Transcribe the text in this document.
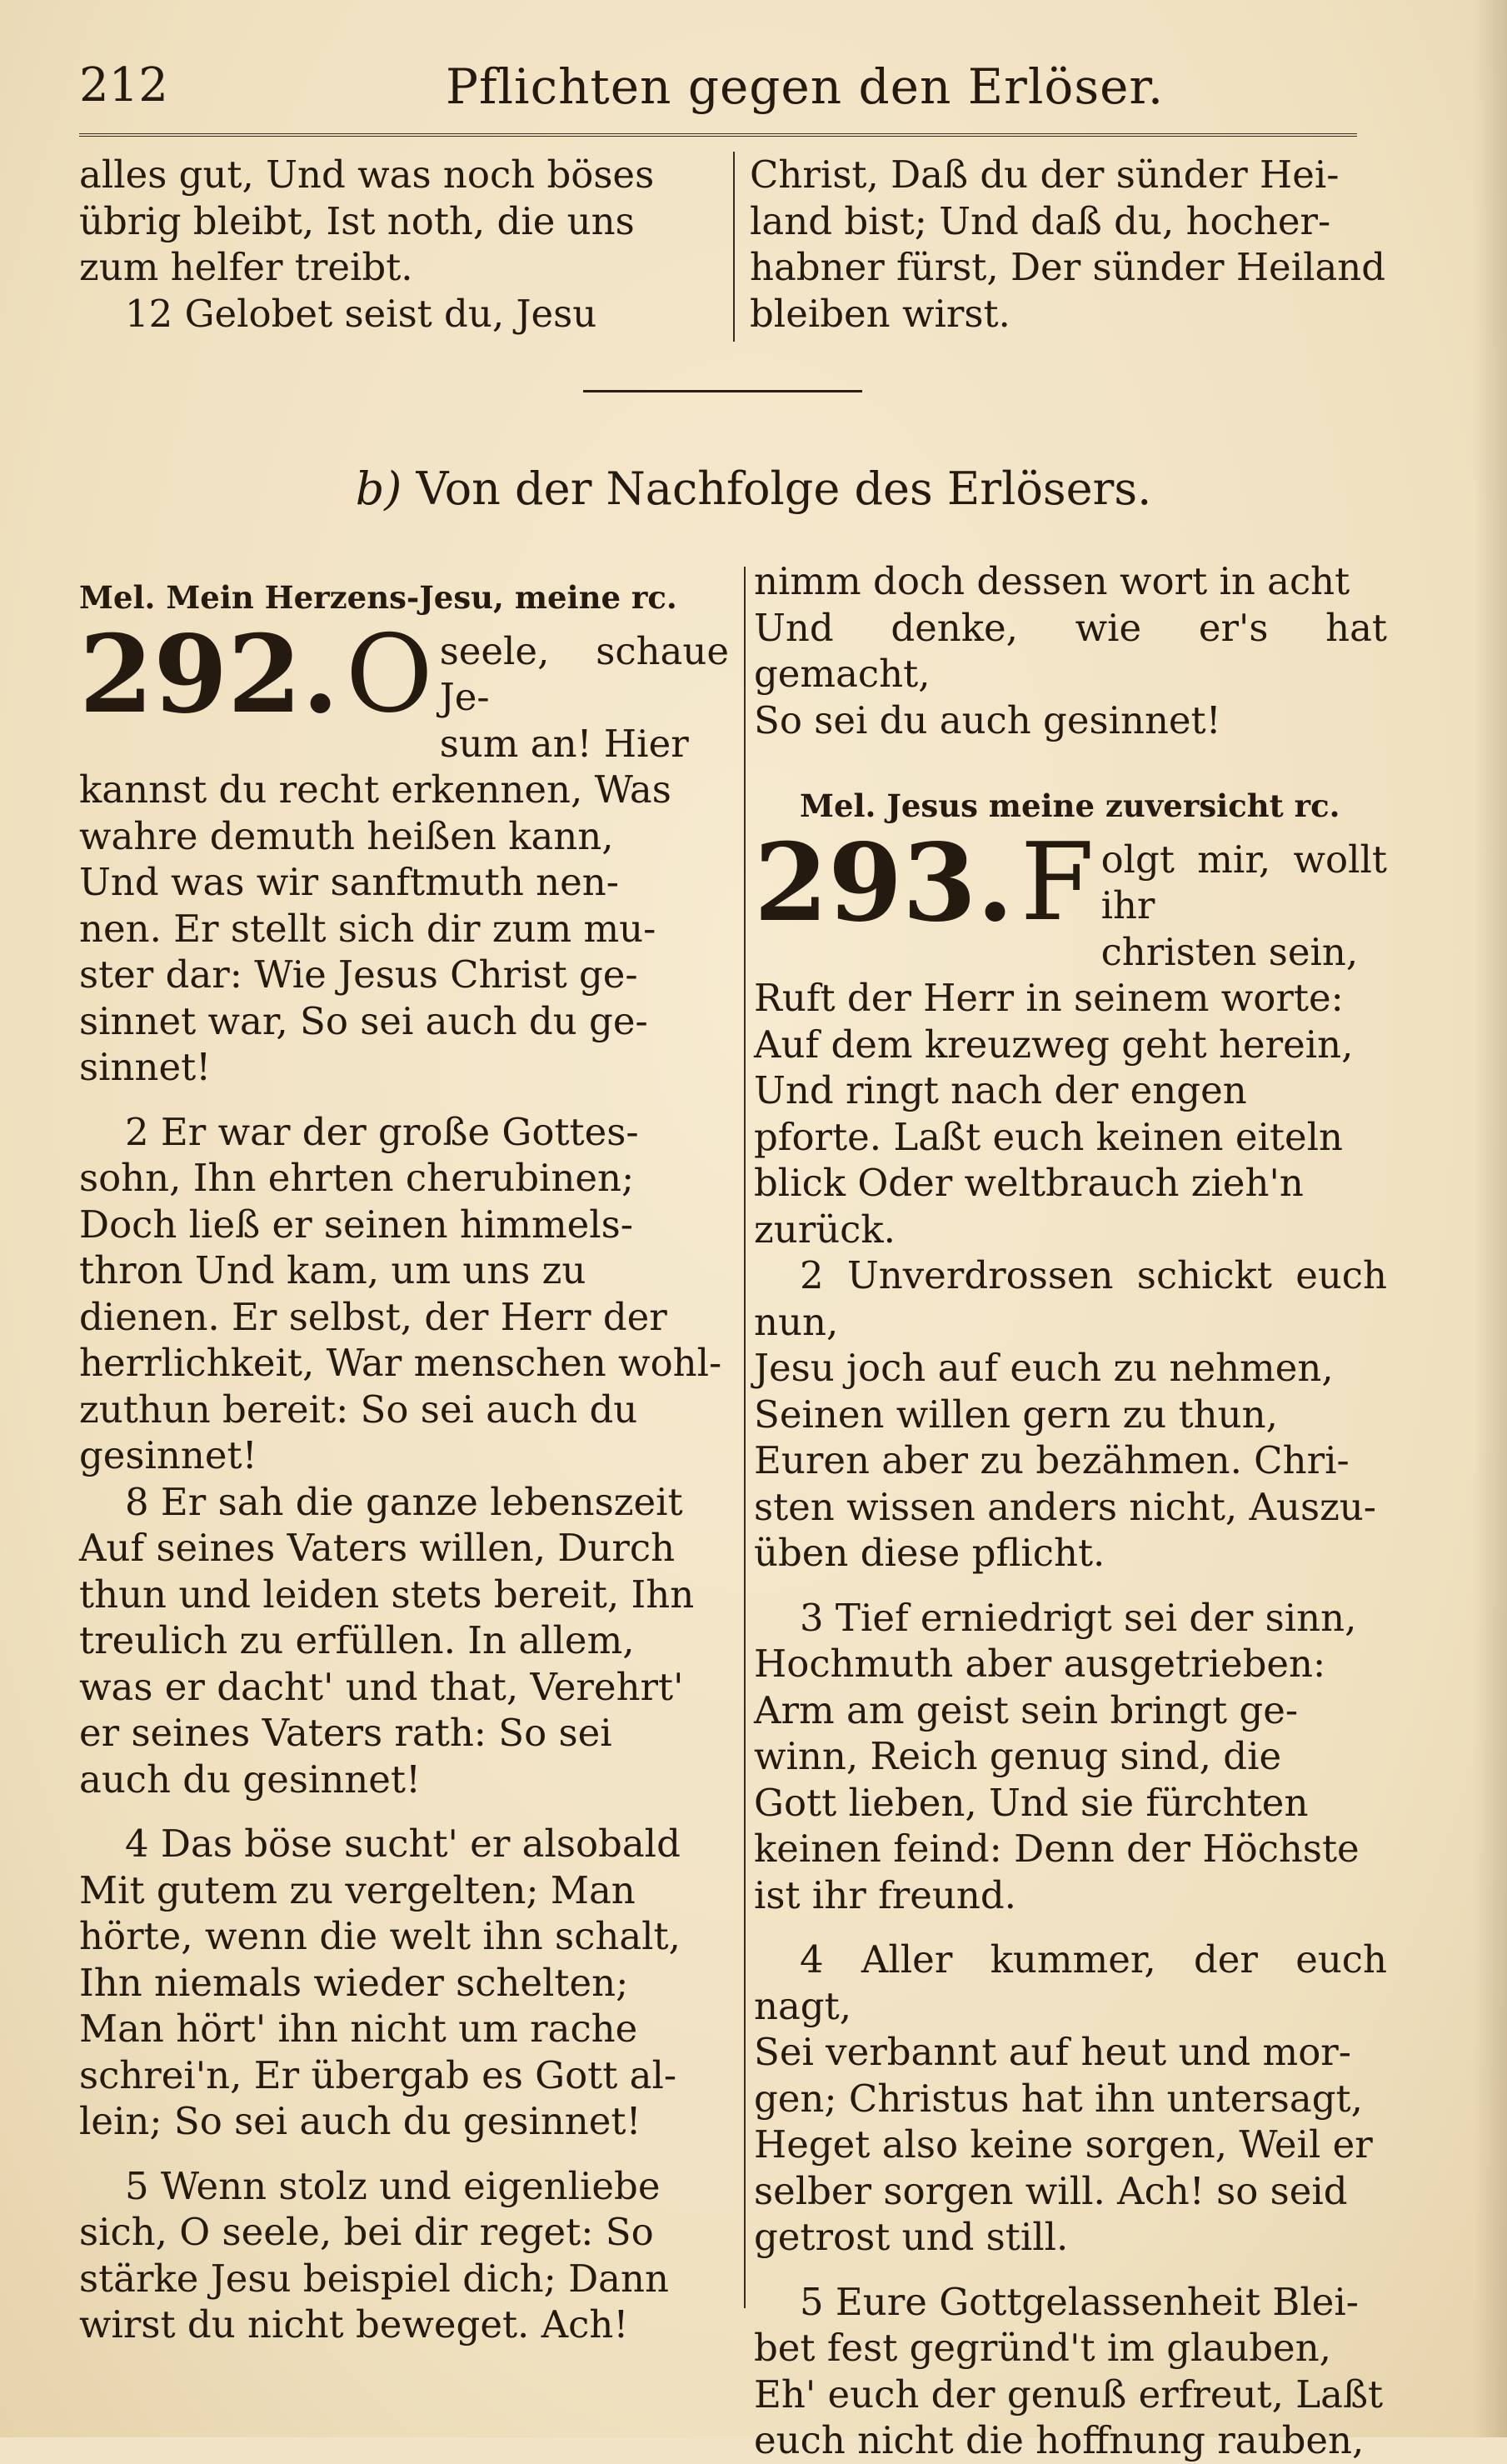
212	Pflichten gegen den Erlöser.

alles gut, Und was noch böses

übrig bleibt, Ist noth, die uns

zum helfer treibt.

12 Gelobet seist du, Jesu

Christ, Daß du der sünder Hei-

land bist; Und daß du, hocher-

habner fürst, Der sünder Heiland

bleiben wirst.

b) Von der Nachfolge des Erlösers.

Mel. Mein Herzens-Jesu, meine rc.

292. O seele, schaue Je-

sum an! Hier

kannst du recht erkennen, Was

wahre demuth heißen kann,

Und was wir sanftmuth nen-

nen. Er stellt sich dir zum mu-

ster dar: Wie Jesus Christ ge-

sinnet war, So sei auch du ge-

sinnet!

2 Er war der große Gottes-

sohn, Ihn ehrten cherubinen;

Doch ließ er seinen himmels-

thron Und kam, um uns zu

dienen. Er selbst, der Herr der

herrlichkeit, War menschen wohl-

zuthun bereit: So sei auch du

gesinnet!

8 Er sah die ganze lebenszeit

Auf seines Vaters willen, Durch

thun und leiden stets bereit, Ihn

treulich zu erfüllen. In allem,

was er dacht' und that, Verehrt'

er seines Vaters rath: So sei

auch du gesinnet!

4 Das böse sucht' er alsobald

Mit gutem zu vergelten; Man

hörte, wenn die welt ihn schalt,

Ihn niemals wieder schelten;

Man hört' ihn nicht um rache

schrei'n, Er übergab es Gott al-

lein; So sei auch du gesinnet!

5 Wenn stolz und eigenliebe

sich, O seele, bei dir reget: So

stärke Jesu beispiel dich; Dann

wirst du nicht beweget. Ach!

nimm doch dessen wort in acht

Und denke, wie er's hat gemacht,

So sei du auch gesinnet!

Mel. Jesus meine zuversicht rc.

293. F olgt mir, wollt ihr

christen sein,

Ruft der Herr in seinem worte:

Auf dem kreuzweg geht herein,

Und ringt nach der engen

pforte. Laßt euch keinen eiteln

blick Oder weltbrauch zieh'n

zurück.

2 Unverdrossen schickt euch nun,

Jesu joch auf euch zu nehmen,

Seinen willen gern zu thun,

Euren aber zu bezähmen. Chri-

sten wissen anders nicht, Auszu-

üben diese pflicht.

3 Tief erniedrigt sei der sinn,

Hochmuth aber ausgetrieben:

Arm am geist sein bringt ge-

winn, Reich genug sind, die

Gott lieben, Und sie fürchten

keinen feind: Denn der Höchste

ist ihr freund.

4 Aller kummer, der euch nagt,

Sei verbannt auf heut und mor-

gen; Christus hat ihn untersagt,

Heget also keine sorgen, Weil er

selber sorgen will. Ach! so seid

getrost und still.

5 Eure Gottgelassenheit Blei-

bet fest gegründ't im glauben,

Eh' euch der genuß erfreut, Laßt

euch nicht die hoffnung rauben,
